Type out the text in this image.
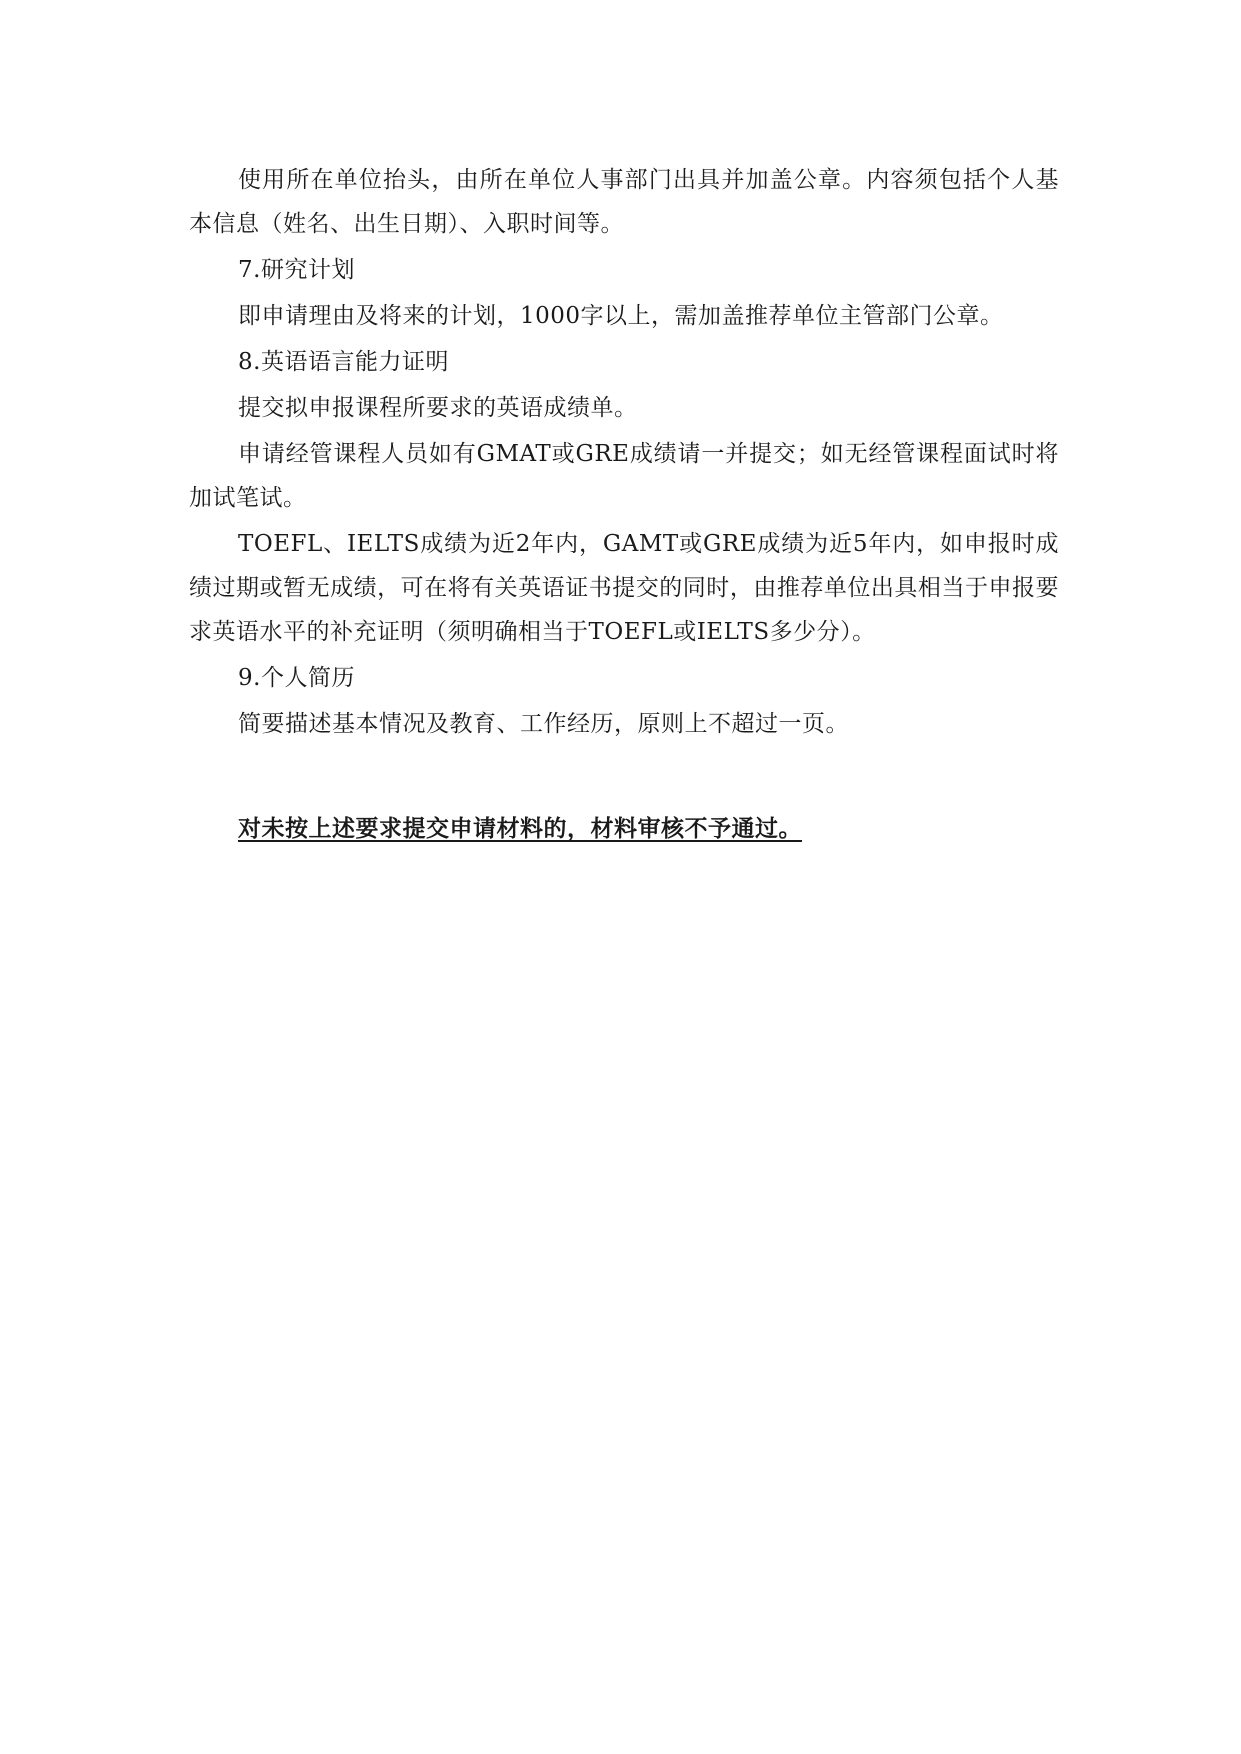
使用所在单位抬头，由所在单位人事部门出具并加盖公章。内容须包括个人基本信息（姓名、出生日期）、入职时间等。

7.研究计划

即申请理由及将来的计划，1000字以上，需加盖推荐单位主管部门公章。

8.英语语言能力证明

提交拟申报课程所要求的英语成绩单。

申请经管课程人员如有GMAT或GRE成绩请一并提交；如无经管课程面试时将加试笔试。

TOEFL、IELTS成绩为近2年内，GAMT或GRE成绩为近5年内，如申报时成绩过期或暂无成绩，可在将有关英语证书提交的同时，由推荐单位出具相当于申报要求英语水平的补充证明（须明确相当于TOEFL或IELTS多少分）。

9.个人简历

简要描述基本情况及教育、工作经历，原则上不超过一页。

对未按上述要求提交申请材料的，材料审核不予通过。
